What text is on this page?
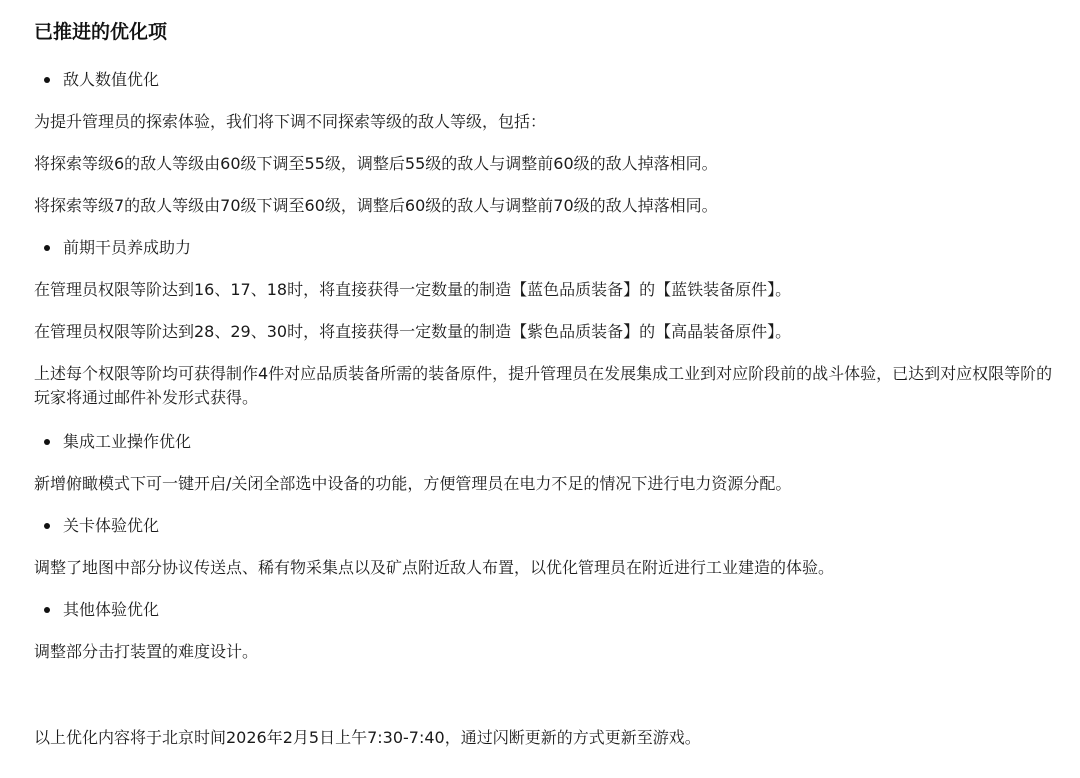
已推进的优化项
敌人数值优化
为提升管理员的探索体验，我们将下调不同探索等级的敌人等级，包括：
将探索等级6的敌人等级由60级下调至55级，调整后55级的敌人与调整前60级的敌人掉落相同。
将探索等级7的敌人等级由70级下调至60级，调整后60级的敌人与调整前70级的敌人掉落相同。
前期干员养成助力
在管理员权限等阶达到16、17、18时，将直接获得一定数量的制造【蓝色品质装备】的【蓝铁装备原件】。
在管理员权限等阶达到28、29、30时，将直接获得一定数量的制造【紫色品质装备】的【高晶装备原件】。
上述每个权限等阶均可获得制作4件对应品质装备所需的装备原件，提升管理员在发展集成工业到对应阶段前的战斗体验，已达到对应权限等阶的玩家将通过邮件补发形式获得。
集成工业操作优化
新增俯瞰模式下可一键开启/关闭全部选中设备的功能，方便管理员在电力不足的情况下进行电力资源分配。
关卡体验优化
调整了地图中部分协议传送点、稀有物采集点以及矿点附近敌人布置，以优化管理员在附近进行工业建造的体验。
其他体验优化
调整部分击打装置的难度设计。
以上优化内容将于北京时间2026年2月5日上午7:30-7:40，通过闪断更新的方式更新至游戏。
